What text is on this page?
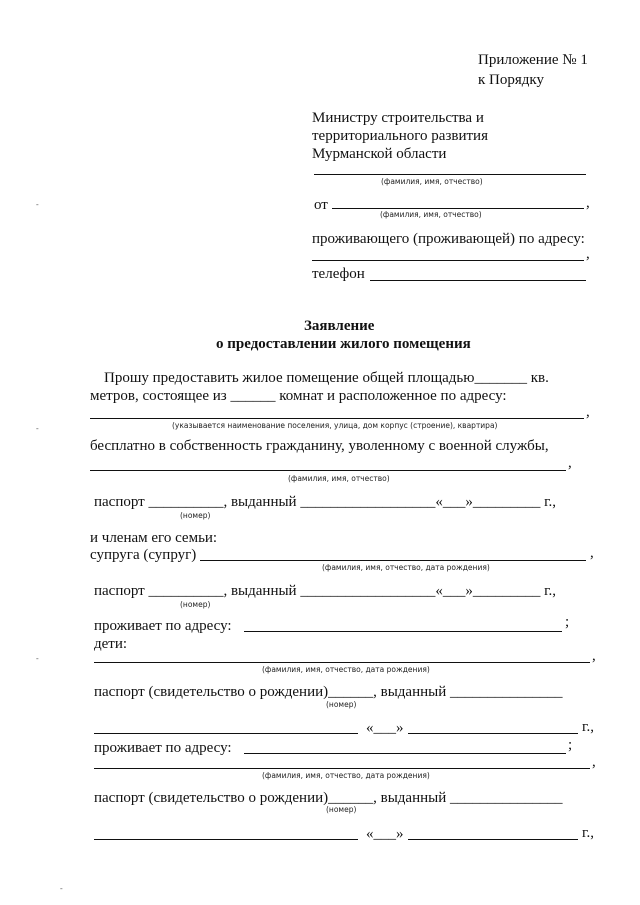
Приложение № 1
к Порядку
Министру строительства и
территориального развития
Мурманской области
(фамилия, имя, отчество)
от	,
(фамилия, имя, отчество)
проживающего (проживающей) по адресу:
,
телефон
Заявление
о предоставлении жилого помещения
Прошу предоставить жилое помещение общей площадью_______ кв.
метров, состоящее из ______ комнат и расположенное по адресу:
,
(указывается наименование поселения, улица, дом корпус (строение), квартира)
бесплатно в собственность гражданину, уволенному с военной службы,
,
(фамилия, имя, отчество)
паспорт __________, выданный __________________«___»_________ г.,
(номер)
и членам его семьи:
супруга (супруг)	,
(фамилия, имя, отчество, дата рождения)
паспорт __________, выданный __________________«___»_________ г.,
(номер)
проживает по адресу:	;
дети:
,
(фамилия, имя, отчество, дата рождения)
паспорт (свидетельство о рождении)______, выданный _______________
(номер)
«___»	г.,
проживает по адресу:	;
,
(фамилия, имя, отчество, дата рождения)
паспорт (свидетельство о рождении)______, выданный _______________
(номер)
«___»	г.,
-
-
-
-
